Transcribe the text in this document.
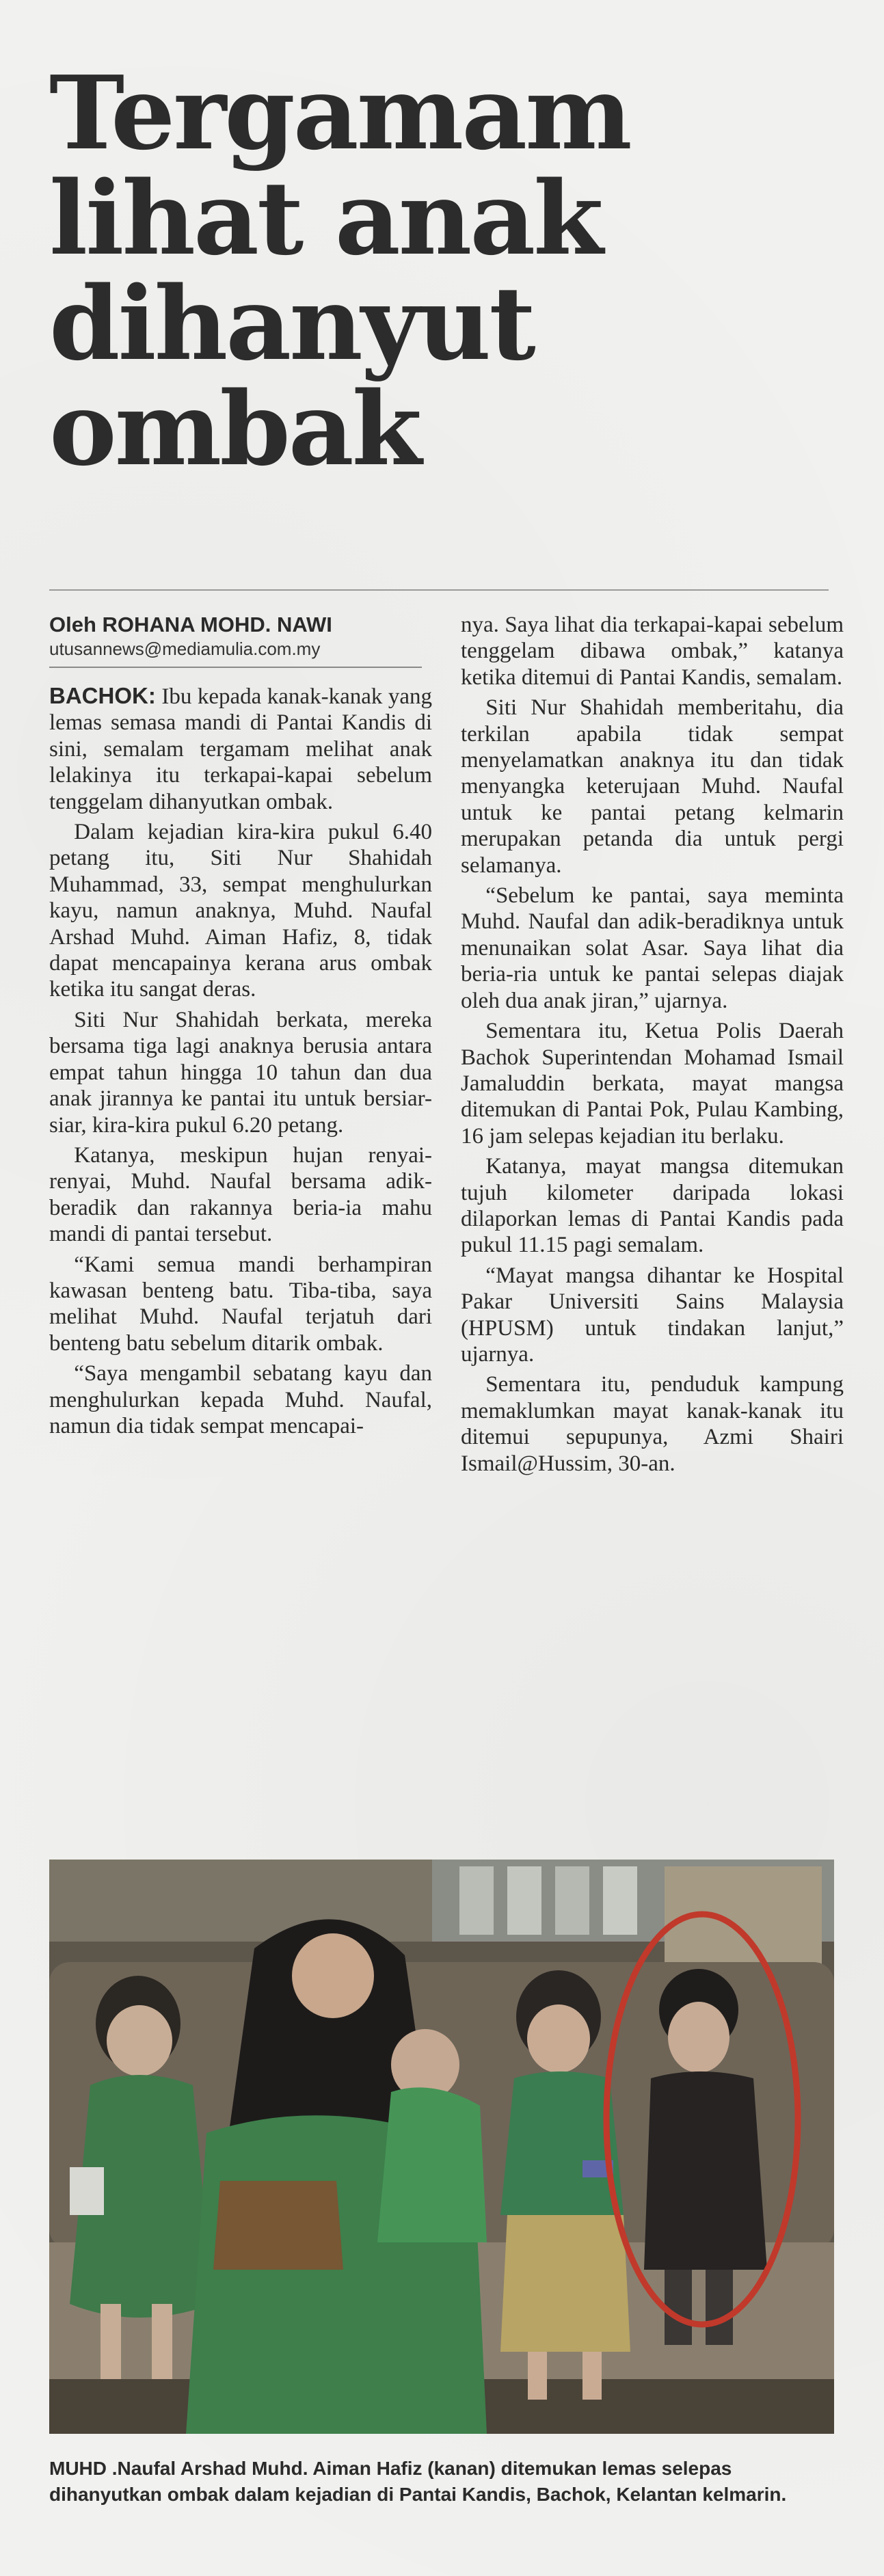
Tergamam
lihat anak
dihanyut
ombak

Oleh ROHANA MOHD. NAWI

utusannews@mediamulia.com.my

BACHOK: Ibu kepada kanak-kanak yang lemas semasa mandi di Pantai Kandis di sini, semalam tergamam melihat anak lelakinya itu terkapai-kapai sebelum tenggelam dihanyutkan ombak.

Dalam kejadian kira-kira pukul 6.40 petang itu, Siti Nur Shahidah Muhammad, 33, sempat menghulurkan kayu, namun anaknya, Muhd. Naufal Arshad Muhd. Aiman Hafiz, 8, tidak dapat mencapainya kerana arus ombak ketika itu sangat deras.

Siti Nur Shahidah berkata, mereka bersama tiga lagi anaknya berusia antara empat tahun hingga 10 tahun dan dua anak jirannya ke pantai itu untuk bersiar-siar, kira-kira pukul 6.20 petang.

Katanya, meskipun hujan renyai-renyai, Muhd. Naufal bersama adik-beradik dan rakannya beria-ia mahu mandi di pantai tersebut.

“Kami semua mandi berhampiran kawasan benteng batu. Tiba-tiba, saya melihat Muhd. Naufal terjatuh dari benteng batu sebelum ditarik ombak.

“Saya mengambil sebatang kayu dan menghulurkan kepada Muhd. Naufal, namun dia tidak sempat mencapai-

nya. Saya lihat dia terkapai-kapai sebelum tenggelam dibawa ombak,” katanya ketika ditemui di Pantai Kandis, semalam.

Siti Nur Shahidah memberitahu, dia terkilan apabila tidak sempat menyelamatkan anaknya itu dan tidak menyangka keterujaan Muhd. Naufal untuk ke pantai petang kelmarin merupakan petanda dia untuk pergi selamanya.

“Sebelum ke pantai, saya meminta Muhd. Naufal dan adik-beradiknya untuk menunaikan solat Asar. Saya lihat dia beria-ria untuk ke pantai selepas diajak oleh dua anak jiran,” ujarnya.

Sementara itu, Ketua Polis Daerah Bachok Superintendan Mohamad Ismail Jamaluddin berkata, mayat mangsa ditemukan di Pantai Pok, Pulau Kambing, 16 jam selepas kejadian itu berlaku.

Katanya, mayat mangsa ditemukan tujuh kilometer daripada lokasi dilaporkan lemas di Pantai Kandis pada pukul 11.15 pagi semalam.

“Mayat mangsa dihantar ke Hospital Pakar Universiti Sains Malaysia (HPUSM) untuk tindakan lanjut,” ujarnya.

Sementara itu, penduduk kampung memaklumkan mayat kanak-kanak itu ditemui sepupunya, Azmi Shairi Ismail@Hussim, 30-an.

MUHD .Naufal Arshad Muhd. Aiman Hafiz (kanan) ditemukan lemas selepas dihanyutkan ombak dalam kejadian di Pantai Kandis, Bachok, Kelantan kelmarin.
